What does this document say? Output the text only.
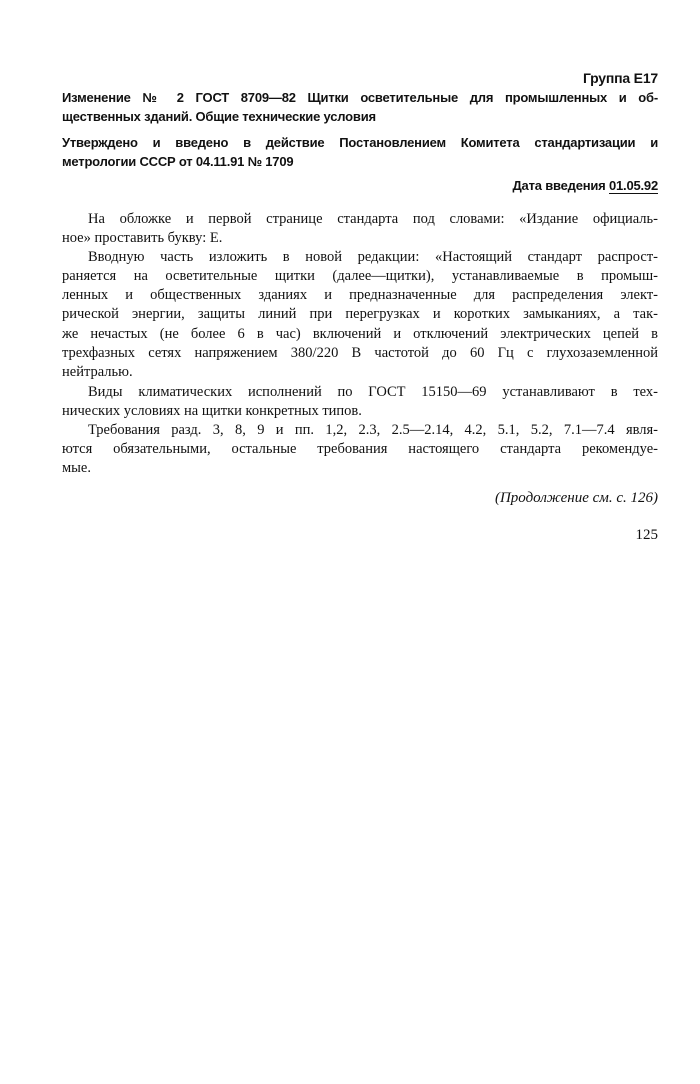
Группа Е17
Изменение № 2 ГОСТ 8709—82 Щитки осветительные для промышленных и об-
щественных зданий. Общие технические условия
Утверждено и введено в действие Постановлением Комитета стандартизации и
метрологии СССР от 04.11.91 № 1709
Дата введения 01.05.92
На обложке и первой странице стандарта под словами: «Издание официаль-
ное» проставить букву: Е.
Вводную часть изложить в новой редакции: «Настоящий стандарт распрост-
раняется на осветительные щитки (далее—щитки), устанавливаемые в промыш-
ленных и общественных зданиях и предназначенные для распределения элект-
рической энергии, защиты линий при перегрузках и коротких замыканиях, а так-
же нечастых (не более 6 в час) включений и отключений электрических цепей в
трехфазных сетях напряжением 380/220 В частотой до 60 Гц с глухозаземленной
нейтралью.
Виды климатических исполнений по ГОСТ 15150—69 устанавливают в тех-
нических условиях на щитки конкретных типов.
Требования разд. 3, 8, 9 и пп. 1,2, 2.3, 2.5—2.14, 4.2, 5.1, 5.2, 7.1—7.4 явля-
ются обязательными, остальные требования настоящего стандарта рекомендуе-
мые.
(Продолжение см. с. 126)
125
